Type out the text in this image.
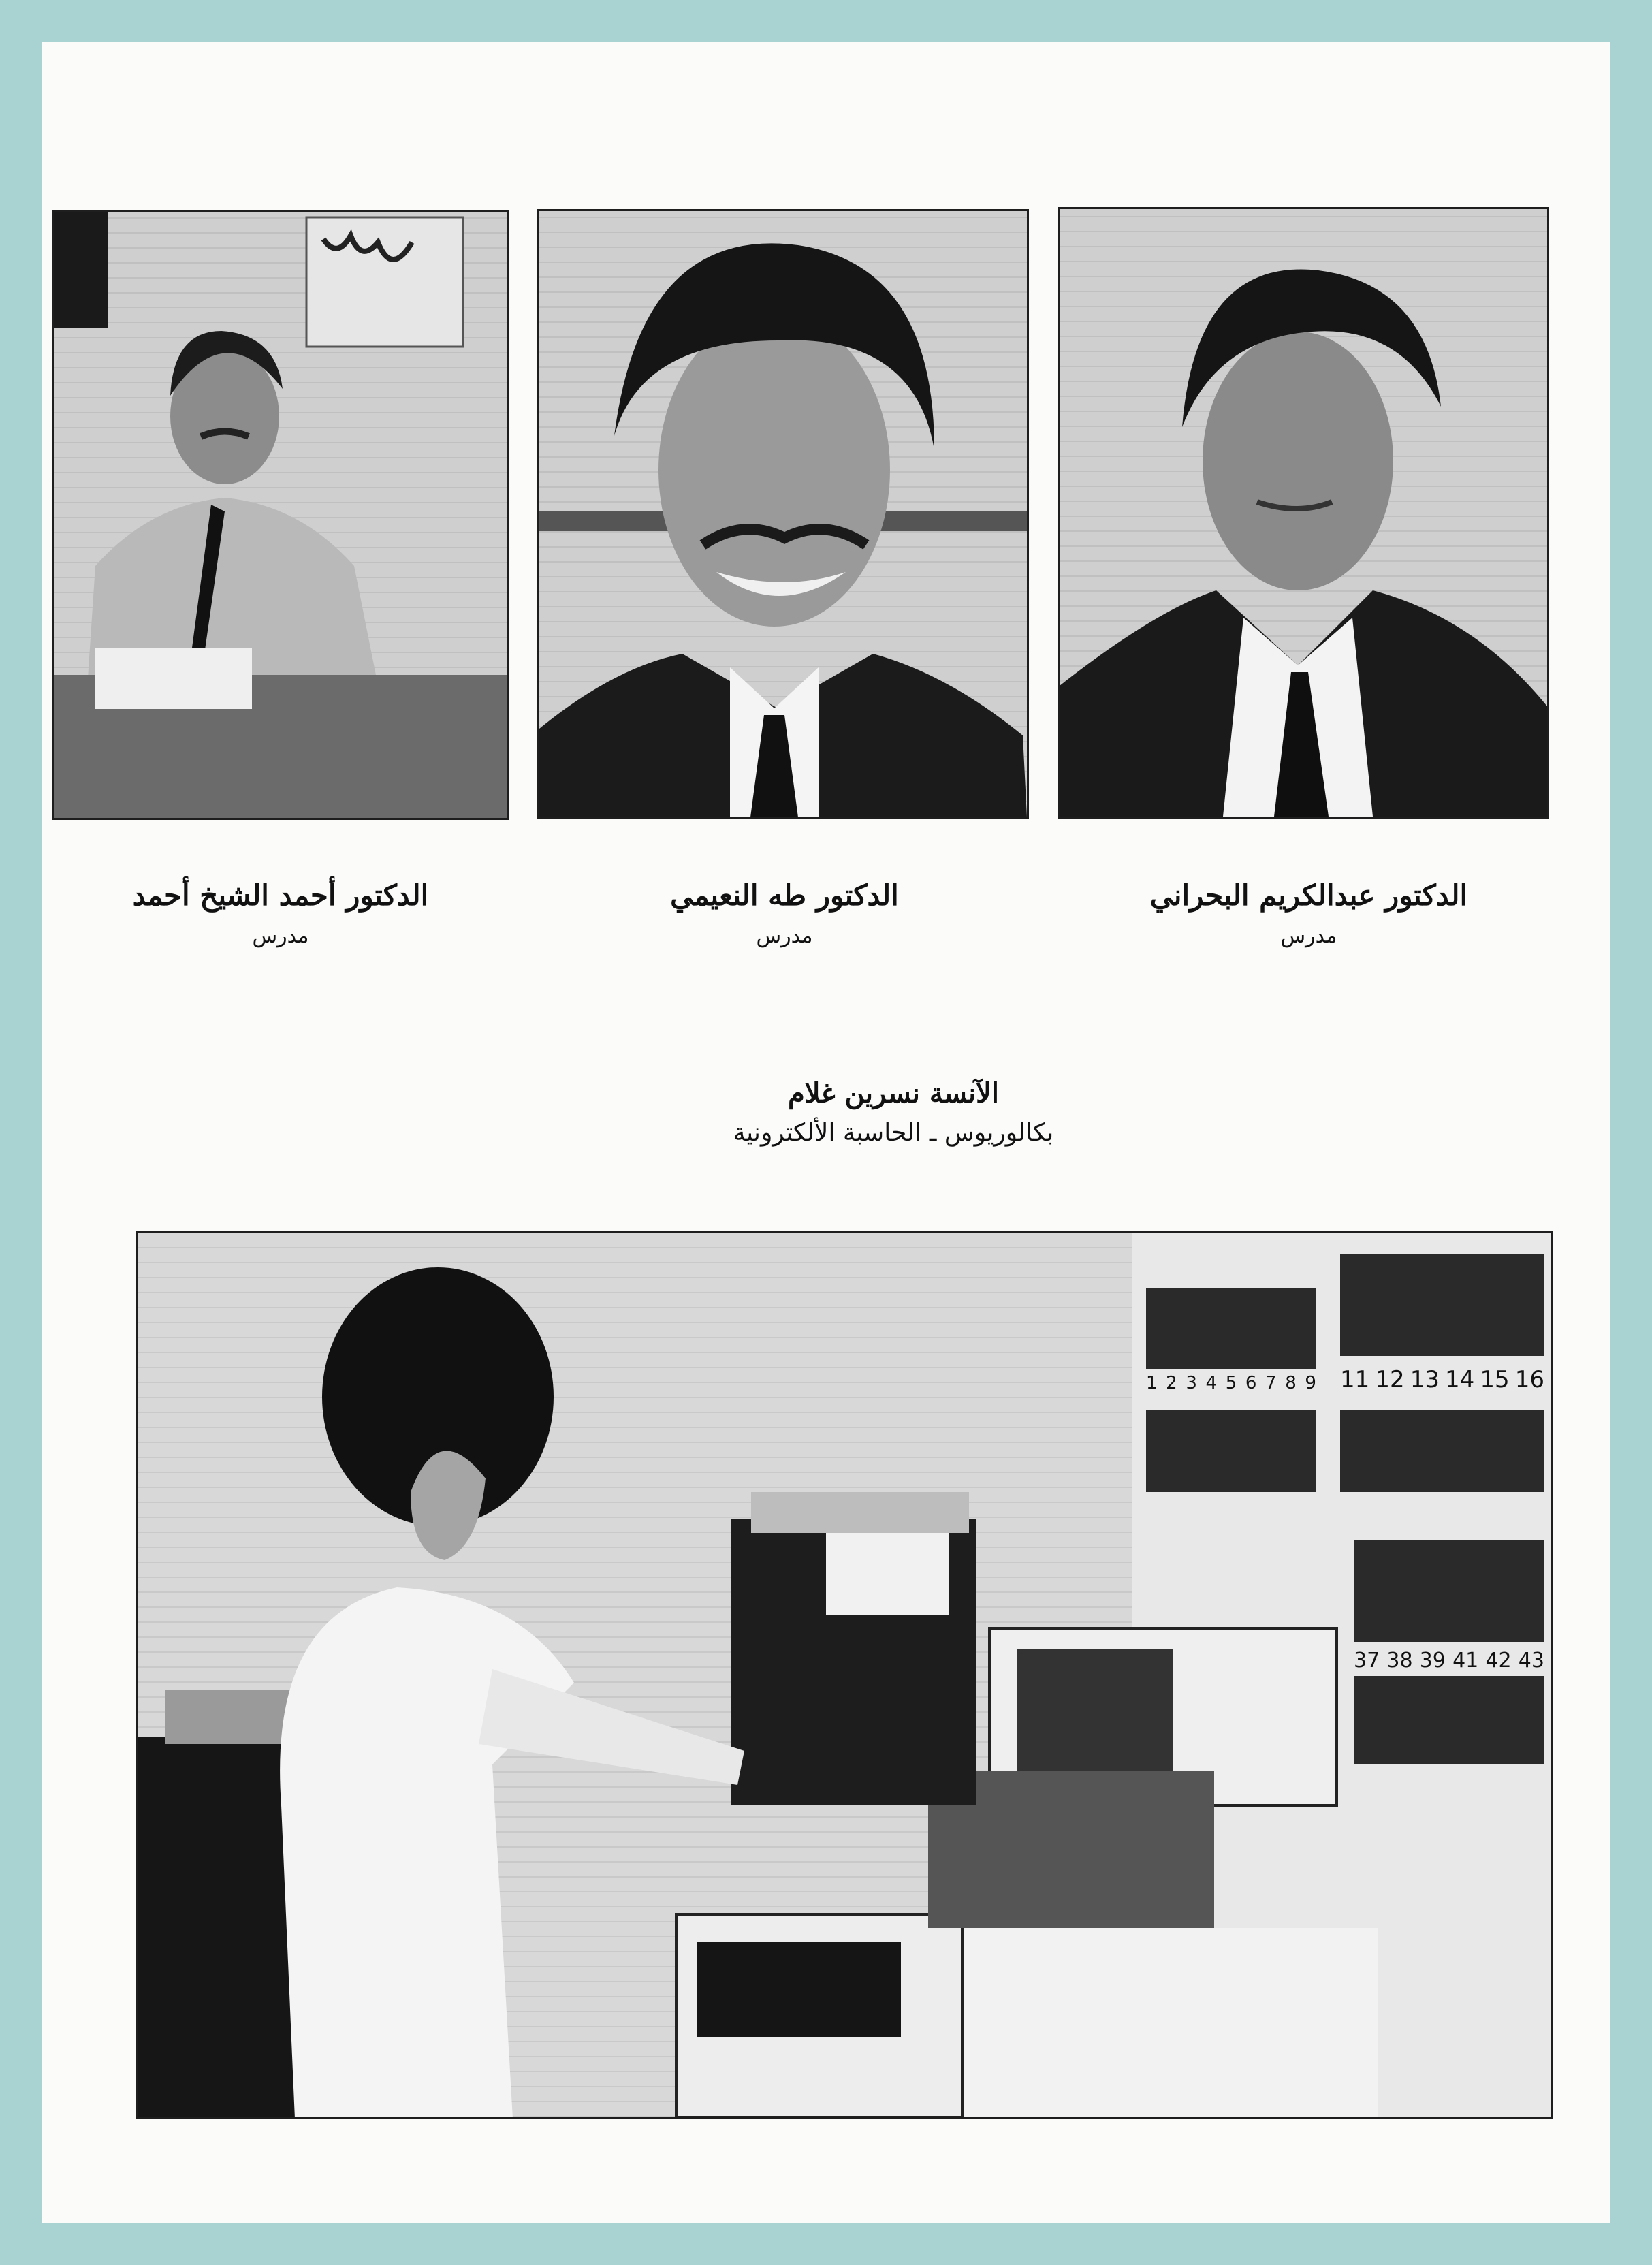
الدكتور أحمد الشيخ أحمد
مدرس
الدكتور طه النعيمي
مدرس
الدكتور عبدالكريم البحراني
مدرس
الآنسة نسرين غلام
بكالوريوس ـ الحاسبة الألكترونية
1 2 3 4 5 6 7 8 9 11 12 13 14 15 16
37 38 39 41 42 43
